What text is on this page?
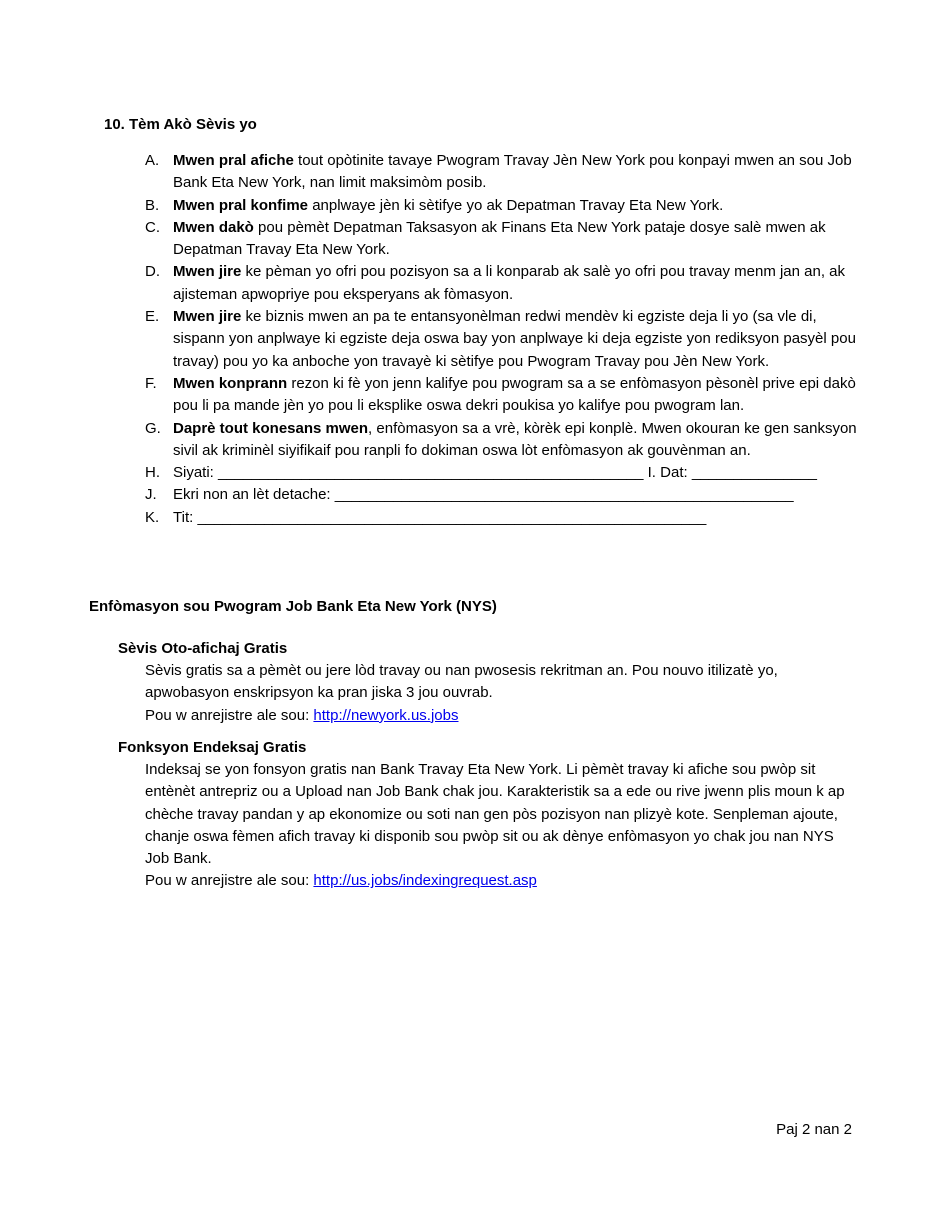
10. Tèm Akò Sèvis yo
A. Mwen pral afiche tout opòtinite tavaye Pwogram Travay Jèn New York pou konpayi mwen an sou Job Bank Eta New York, nan limit maksimòm posib.
B. Mwen pral konfime anplwaye jèn ki sètifye yo ak Depatman Travay Eta New York.
C. Mwen dakò pou pèmèt Depatman Taksasyon ak Finans Eta New York pataje dosye salè mwen ak Depatman Travay Eta New York.
D. Mwen jire ke pèman yo ofri pou pozisyon sa a li konparab ak salè yo ofri pou travay menm jan an, ak ajisteman apwopriye pou eksperyans ak fòmasyon.
E. Mwen jire ke biznis mwen an pa te entansyonèlman redwi mendèv ki egziste deja li yo (sa vle di, sispann yon anplwaye ki egziste deja oswa bay yon anplwaye ki deja egziste yon rediksyon pasyèl pou travay) pou yo ka anboche yon travayè ki sètifye pou Pwogram Travay pou Jèn New York.
F.	Mwen konprann rezon ki fè yon jenn kalifye pou pwogram sa a se enfòmasyon pèsonèl prive epi dakò pou li pa mande jèn yo pou li eksplike oswa dekri poukisa yo kalifye pou pwogram lan.
G. Daprè tout konesans mwen, enfòmasyon sa a vrè, kòrèk epi konplè. Mwen okouran ke gen sanksyon sivil ak kriminèl siyifikaif pou ranpli fo dokiman oswa lòt enfòmasyon ak gouvènman an.
H. Siyati: ___________________________________________________ I. Dat: _______________
J.	Ekri non an lèt detache: _______________________________________________________
K. Tit: _____________________________________________________________
Enfòmasyon sou Pwogram Job Bank Eta New York (NYS)
Sèvis Oto-afichaj Gratis
Sèvis gratis sa a pèmèt ou jere lòd travay ou nan pwosesis rekritman an. Pou nouvo itilizatè yo, apwobasyon enskripsyon ka pran jiska 3 jou ouvrab.
Pou w anrejistre ale sou: http://newyork.us.jobs
Fonksyon Endeksaj Gratis
Indeksaj se yon fonsyon gratis nan Bank Travay Eta New York. Li pèmèt travay ki afiche sou pwòp sit entènèt antrepriz ou a Upload nan Job Bank chak jou. Karakteristik sa a ede ou rive jwenn plis moun k ap chèche travay pandan y ap ekonomize ou soti nan gen pòs pozisyon nan plizyè kote. Senpleman ajoute, chanje oswa fèmen afich travay ki disponib sou pwòp sit ou ak dènye enfòmasyon yo chak jou nan NYS Job Bank.
Pou w anrejistre ale sou: http://us.jobs/indexingrequest.asp
Paj 2 nan 2
